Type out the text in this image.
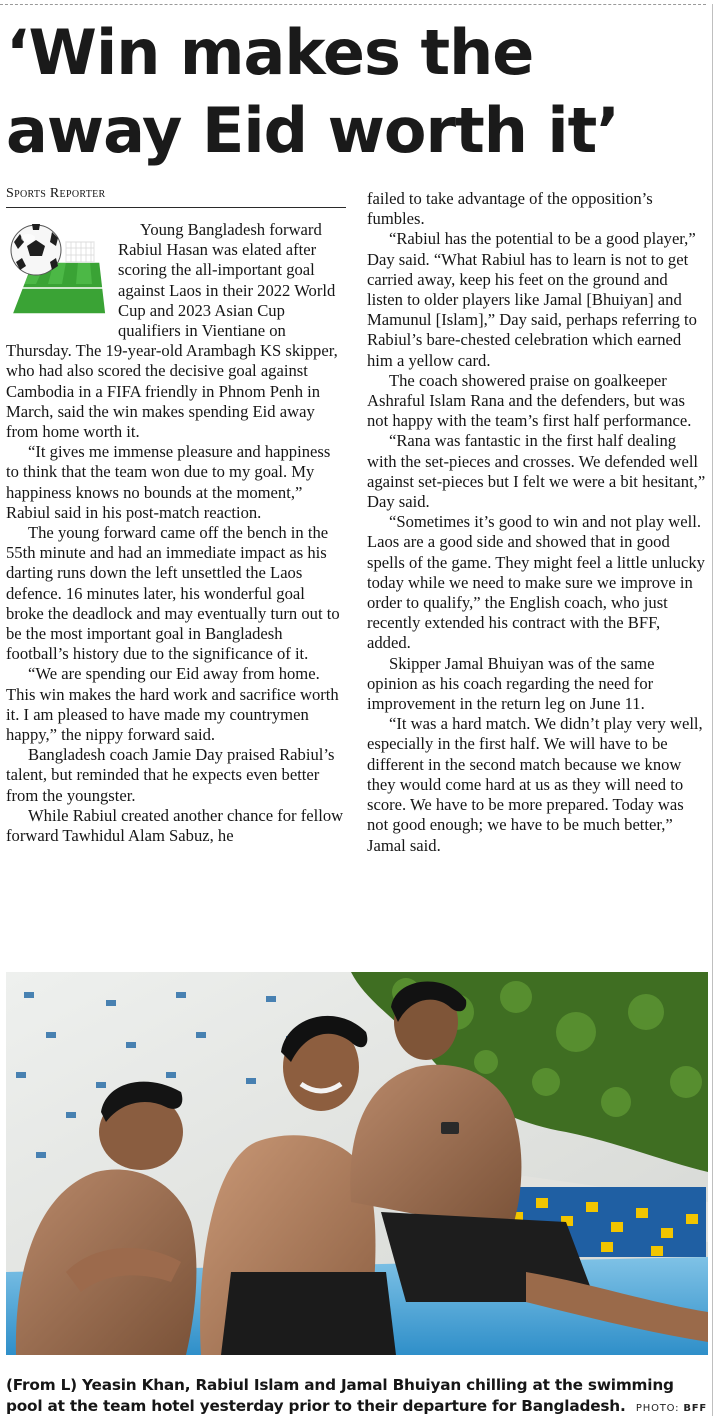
‘Win makes the away Eid worth it’
Sports Reporter

Young Bangladesh forward Rabiul Hasan was elated after scoring the all-important goal against Laos in their 2022 World Cup and 2023 Asian Cup qualifiers in Vientiane on Thursday. The 19-year-old Arambagh KS skipper, who had also scored the decisive goal against Cambodia in a FIFA friendly in Phnom Penh in March, said the win makes spending Eid away from home worth it.

“It gives me immense pleasure and happiness to think that the team won due to my goal. My happiness knows no bounds at the moment,” Rabiul said in his post-match reaction.

The young forward came off the bench in the 55th minute and had an immediate impact as his darting runs down the left unsettled the Laos defence. 16 minutes later, his wonderful goal broke the deadlock and may eventually turn out to be the most important goal in Bangladesh football’s history due to the significance of it.

“We are spending our Eid away from home. This win makes the hard work and sacrifice worth it. I am pleased to have made my countrymen happy,” the nippy forward said.

Bangladesh coach Jamie Day praised Rabiul’s talent, but reminded that he expects even better from the youngster.

While Rabiul created another chance for fellow forward Tawhidul Alam Sabuz, he

failed to take advantage of the opposition’s fumbles.

“Rabiul has the potential to be a good player,” Day said. “What Rabiul has to learn is not to get carried away, keep his feet on the ground and listen to older players like Jamal [Bhuiyan] and Mamunul [Islam],” Day said, perhaps referring to Rabiul’s bare-chested celebration which earned him a yellow card.

The coach showered praise on goalkeeper Ashraful Islam Rana and the defenders, but was not happy with the team’s first half performance.

“Rana was fantastic in the first half dealing with the set-pieces and crosses. We defended well against set-pieces but I felt we were a bit hesitant,” Day said.

“Sometimes it’s good to win and not play well. Laos are a good side and showed that in good spells of the game. They might feel a little unlucky today while we need to make sure we improve in order to qualify,” the English coach, who just recently extended his contract with the BFF, added.

Skipper Jamal Bhuiyan was of the same opinion as his coach regarding the need for improvement in the return leg on June 11.

“It was a hard match. We didn’t play very well, especially in the first half. We will have to be different in the second match because we know they would come hard at us as they will need to score. We have to be more prepared. Today was not good enough; we have to be much better,” Jamal said.

(From L) Yeasin Khan, Rabiul Islam and Jamal Bhuiyan chilling at the swimming pool at the team hotel yesterday prior to their departure for Bangladesh.	PHOTO: BFF
